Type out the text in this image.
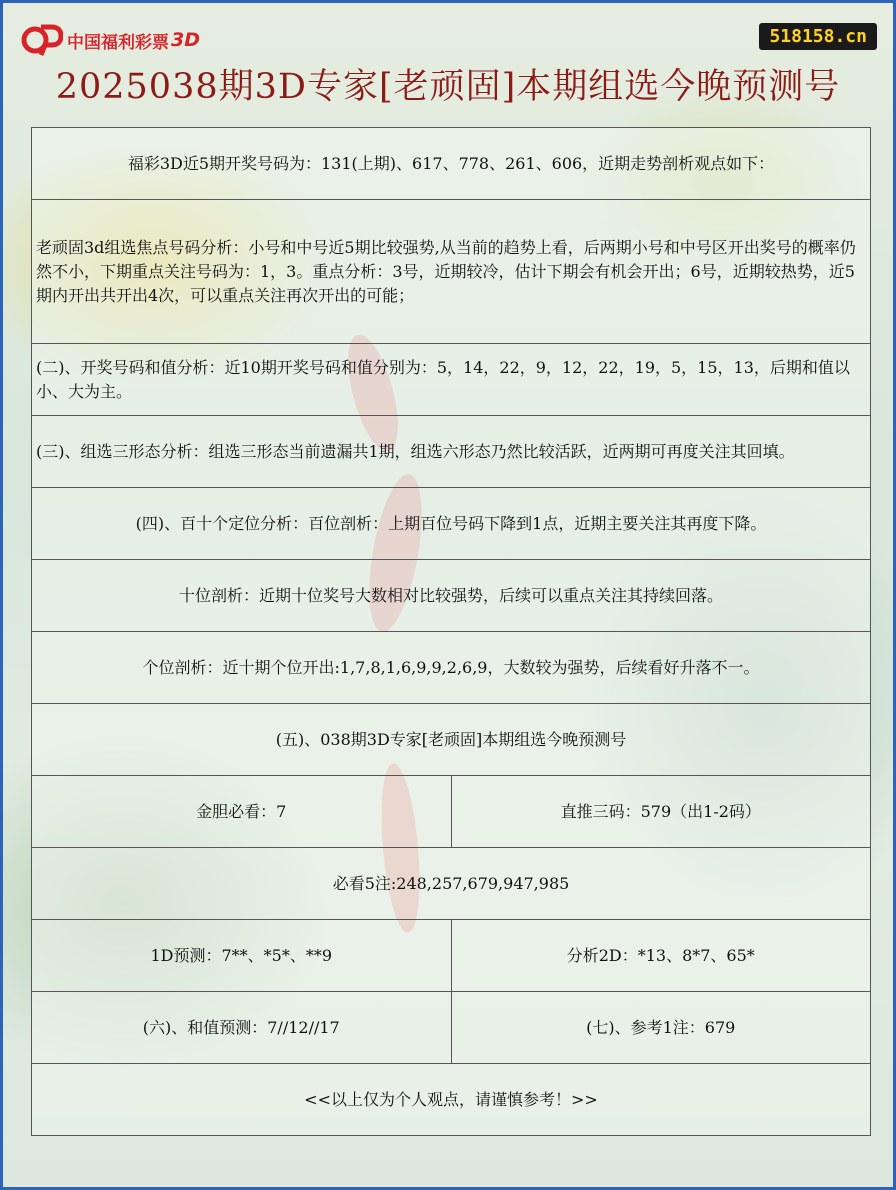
中国福利彩票 3D	518158.cn
2025038期3D专家[老顽固]本期组选今晚预测号
福彩3D近5期开奖号码为：131(上期)、617、778、261、606，近期走势剖析观点如下：	
老顽固3d组选焦点号码分析：小号和中号近5期比较强势,从当前的趋势上看，后两期小号和中号区开出奖号的概率仍然不小，下期重点关注号码为：1，3。重点分析：3号，近期较冷，估计下期会有机会开出；6号，近期较热势，近5期内开出共开出4次，可以重点关注再次开出的可能；	
(二)、开奖号码和值分析：近10期开奖号码和值分别为：5，14，22，9，12，22，19，5，15，13，后期和值以小、大为主。	
(三)、组选三形态分析：组选三形态当前遗漏共1期，组选六形态乃然比较活跃，近两期可再度关注其回填。	
(四)、百十个定位分析：百位剖析：上期百位号码下降到1点，近期主要关注其再度下降。	
十位剖析：近期十位奖号大数相对比较强势，后续可以重点关注其持续回落。	
个位剖析：近十期个位开出:1,7,8,1,6,9,9,2,6,9，大数较为强势，后续看好升落不一。	
(五)、038期3D专家[老顽固]本期组选今晚预测号	
金胆必看：7	直推三码：579（出1-2码）
必看5注:248,257,679,947,985	
1D预测：7**、*5*、**9	分析2D：*13、8*7、65*
(六)、和值预测：7//12//17	(七)、参考1注：679
<<以上仅为个人观点，请谨慎参考！>>	
